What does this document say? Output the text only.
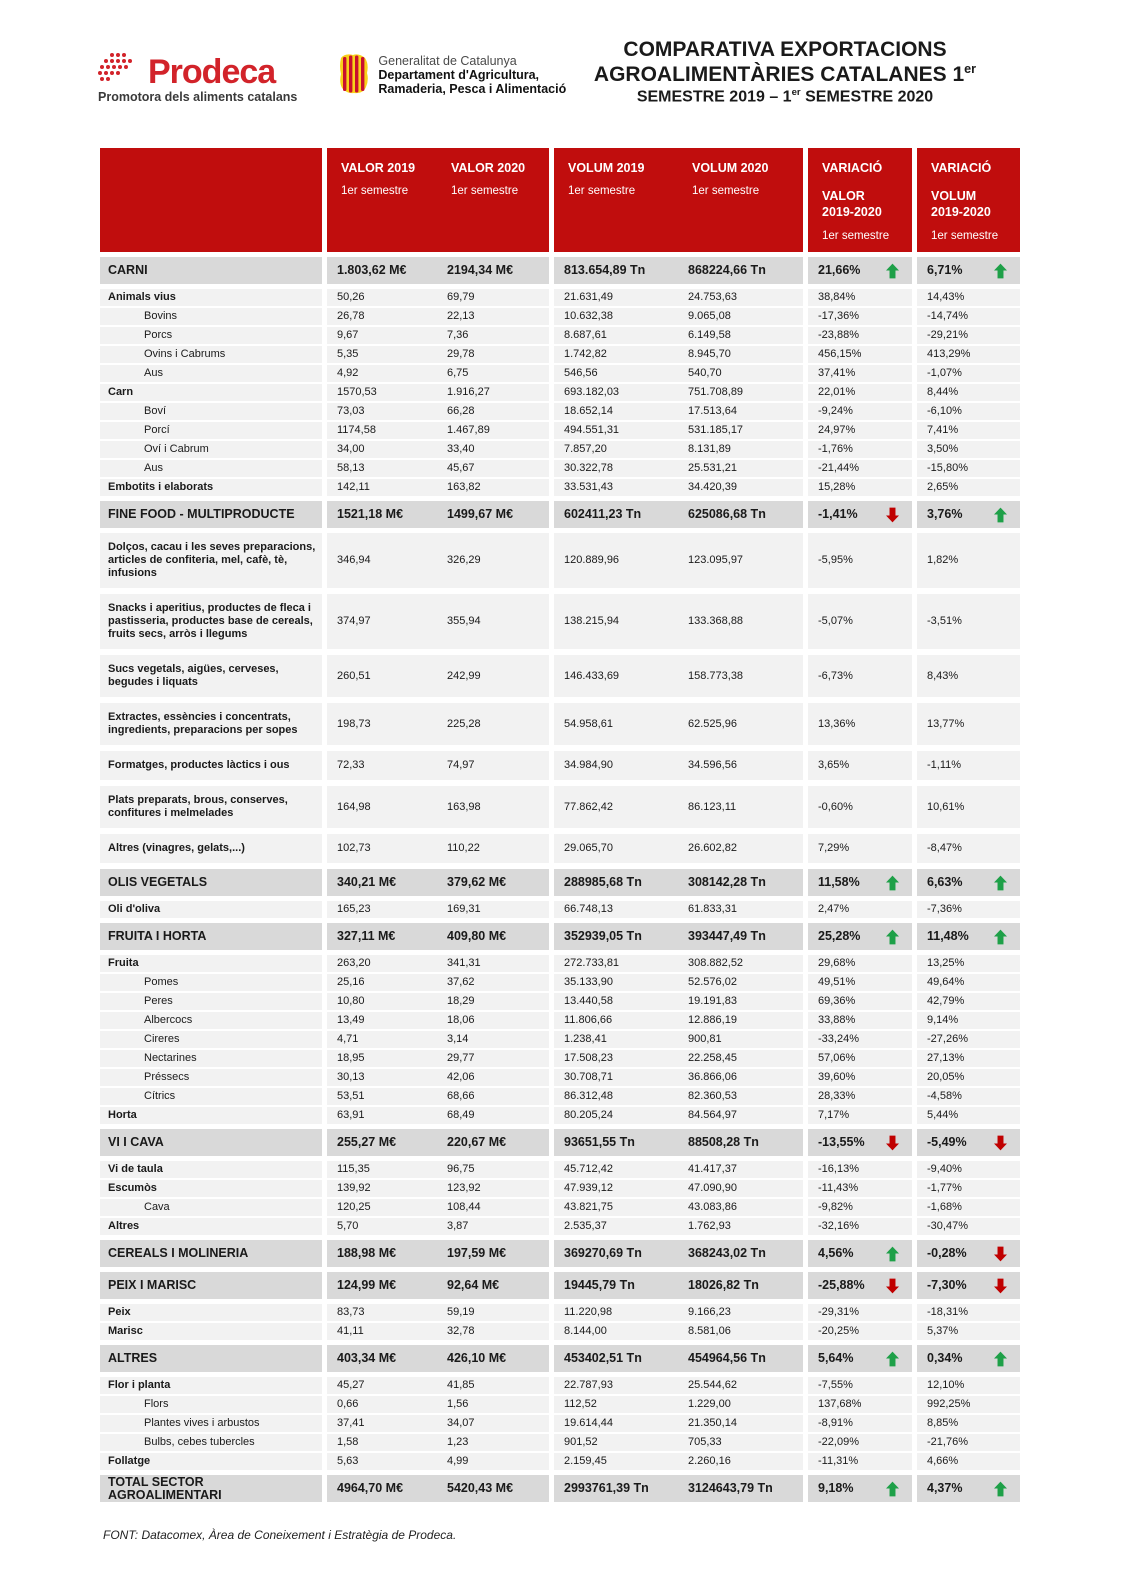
Prodeca
Promotora dels aliments catalans
Generalitat de Catalunya
Departament d'Agricultura,
Ramaderia, Pesca i Alimentació
COMPARATIVA EXPORTACIONS
AGROALIMENTÀRIES CATALANES 1er
SEMESTRE 2019 – 1er SEMESTRE 2020
VALOR 2019
1er semestre
VALOR 2020
1er semestre
VOLUM 2019
1er semestre
VOLUM 2020
1er semestre
VARIACIÓ
VALOR
2019-2020
1er semestre
VARIACIÓ
VOLUM
2019-2020
1er semestre
CARNI	1.803,62 M€	2194,34 M€	813.654,89 Tn	868224,66 Tn	21,66%	6,71%
Animals vius	50,26	69,79	21.631,49	24.753,63	38,84%	14,43%
Bovins	26,78	22,13	10.632,38	9.065,08	-17,36%	-14,74%
Porcs	9,67	7,36	8.687,61	6.149,58	-23,88%	-29,21%
Ovins i Cabrums	5,35	29,78	1.742,82	8.945,70	456,15%	413,29%
Aus	4,92	6,75	546,56	540,70	37,41%	-1,07%
Carn	1570,53	1.916,27	693.182,03	751.708,89	22,01%	8,44%
Boví	73,03	66,28	18.652,14	17.513,64	-9,24%	-6,10%
Porcí	1174,58	1.467,89	494.551,31	531.185,17	24,97%	7,41%
Oví i Cabrum	34,00	33,40	7.857,20	8.131,89	-1,76%	3,50%
Aus	58,13	45,67	30.322,78	25.531,21	-21,44%	-15,80%
Embotits i elaborats	142,11	163,82	33.531,43	34.420,39	15,28%	2,65%
FINE FOOD - MULTIPRODUCTE	1521,18 M€	1499,67 M€	602411,23 Tn	625086,68 Tn	-1,41%	3,76%
Dolços, cacau i les seves preparacions, articles de confiteria, mel, cafè, tè, infusions
346,94	326,29	120.889,96	123.095,97	-5,95%	1,82%
Snacks i aperitius, productes de fleca i pastisseria, productes base de cereals, fruits secs, arròs i llegums
374,97	355,94	138.215,94	133.368,88	-5,07%	-3,51%
Sucs vegetals, aigües, cerveses, begudes i liquats
260,51	242,99	146.433,69	158.773,38	-6,73%	8,43%
Extractes, essències i concentrats, ingredients, preparacions per sopes
198,73	225,28	54.958,61	62.525,96	13,36%	13,77%
Formatges, productes làctics i ous	72,33	74,97	34.984,90	34.596,56	3,65%	-1,11%
Plats preparats, brous, conserves, confitures i melmelades
164,98	163,98	77.862,42	86.123,11	-0,60%	10,61%
Altres (vinagres, gelats,...)	102,73	110,22	29.065,70	26.602,82	7,29%	-8,47%
OLIS VEGETALS	340,21 M€	379,62 M€	288985,68 Tn	308142,28 Tn	11,58%	6,63%
Oli d'oliva	165,23	169,31	66.748,13	61.833,31	2,47%	-7,36%
FRUITA I HORTA	327,11 M€	409,80 M€	352939,05 Tn	393447,49 Tn	25,28%	11,48%
Fruita	263,20	341,31	272.733,81	308.882,52	29,68%	13,25%
Pomes	25,16	37,62	35.133,90	52.576,02	49,51%	49,64%
Peres	10,80	18,29	13.440,58	19.191,83	69,36%	42,79%
Albercocs	13,49	18,06	11.806,66	12.886,19	33,88%	9,14%
Cireres	4,71	3,14	1.238,41	900,81	-33,24%	-27,26%
Nectarines	18,95	29,77	17.508,23	22.258,45	57,06%	27,13%
Préssecs	30,13	42,06	30.708,71	36.866,06	39,60%	20,05%
Cítrics	53,51	68,66	86.312,48	82.360,53	28,33%	-4,58%
Horta	63,91	68,49	80.205,24	84.564,97	7,17%	5,44%
VI I CAVA	255,27 M€	220,67 M€	93651,55 Tn	88508,28 Tn	-13,55%	-5,49%
Vi de taula	115,35	96,75	45.712,42	41.417,37	-16,13%	-9,40%
Escumòs	139,92	123,92	47.939,12	47.090,90	-11,43%	-1,77%
Cava	120,25	108,44	43.821,75	43.083,86	-9,82%	-1,68%
Altres	5,70	3,87	2.535,37	1.762,93	-32,16%	-30,47%
CEREALS I MOLINERIA	188,98 M€	197,59 M€	369270,69 Tn	368243,02 Tn	4,56%	-0,28%
PEIX I MARISC	124,99 M€	92,64 M€	19445,79 Tn	18026,82 Tn	-25,88%	-7,30%
Peix	83,73	59,19	11.220,98	9.166,23	-29,31%	-18,31%
Marisc	41,11	32,78	8.144,00	8.581,06	-20,25%	5,37%
ALTRES	403,34 M€	426,10 M€	453402,51 Tn	454964,56 Tn	5,64%	0,34%
Flor i planta	45,27	41,85	22.787,93	25.544,62	-7,55%	12,10%
Flors	0,66	1,56	112,52	1.229,00	137,68%	992,25%
Plantes vives i arbustos	37,41	34,07	19.614,44	21.350,14	-8,91%	8,85%
Bulbs, cebes tubercles	1,58	1,23	901,52	705,33	-22,09%	-21,76%
Follatge	5,63	4,99	2.159,45	2.260,16	-11,31%	4,66%
TOTAL SECTOR AGROALIMENTARI	4964,70 M€	5420,43 M€	2993761,39 Tn	3124643,79 Tn	9,18%	4,37%
FONT: Datacomex, Àrea de Coneixement i Estratègia de Prodeca.
